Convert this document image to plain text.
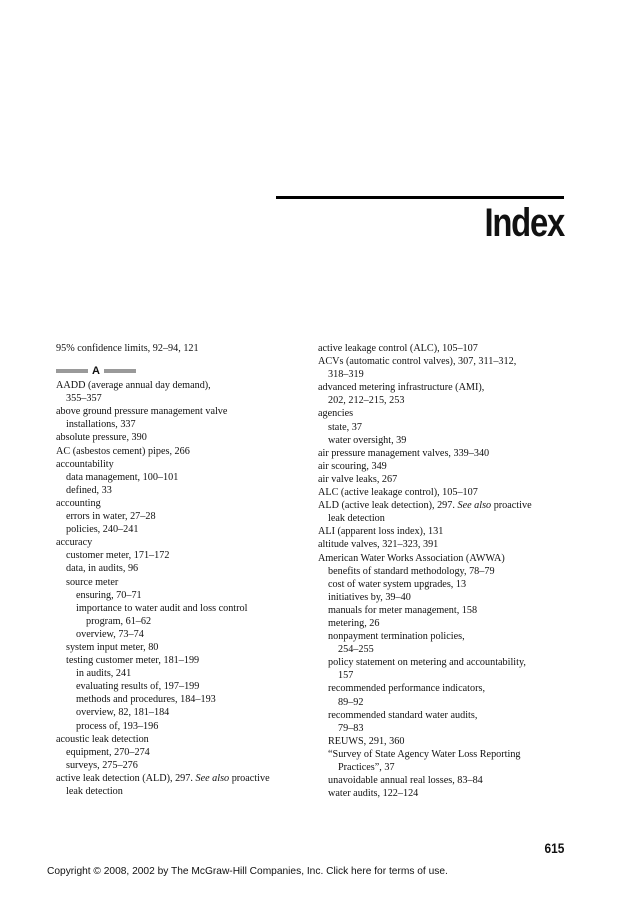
Index
95% confidence limits, 92–94, 121
A
AADD (average annual day demand),
355–357
above ground pressure management valve
installations, 337
absolute pressure, 390
AC (asbestos cement) pipes, 266
accountability
data management, 100–101
defined, 33
accounting
errors in water, 27–28
policies, 240–241
accuracy
customer meter, 171–172
data, in audits, 96
source meter
ensuring, 70–71
importance to water audit and loss control
program, 61–62
overview, 73–74
system input meter, 80
testing customer meter, 181–199
in audits, 241
evaluating results of, 197–199
methods and procedures, 184–193
overview, 82, 181–184
process of, 193–196
acoustic leak detection
equipment, 270–274
surveys, 275–276
active leak detection (ALD), 297. See also proactive
leak detection
active leakage control (ALC), 105–107
ACVs (automatic control valves), 307, 311–312,
318–319
advanced metering infrastructure (AMI),
202, 212–215, 253
agencies
state, 37
water oversight, 39
air pressure management valves, 339–340
air scouring, 349
air valve leaks, 267
ALC (active leakage control), 105–107
ALD (active leak detection), 297. See also proactive
leak detection
ALI (apparent loss index), 131
altitude valves, 321–323, 391
American Water Works Association (AWWA)
benefits of standard methodology, 78–79
cost of water system upgrades, 13
initiatives by, 39–40
manuals for meter management, 158
metering, 26
nonpayment termination policies,
254–255
policy statement on metering and accountability,
157
recommended performance indicators,
89–92
recommended standard water audits,
79–83
REUWS, 291, 360
“Survey of State Agency Water Loss Reporting
Practices”, 37
unavoidable annual real losses, 83–84
water audits, 122–124
615
Copyright © 2008, 2002 by The McGraw-Hill Companies, Inc. Click here for terms of use.
